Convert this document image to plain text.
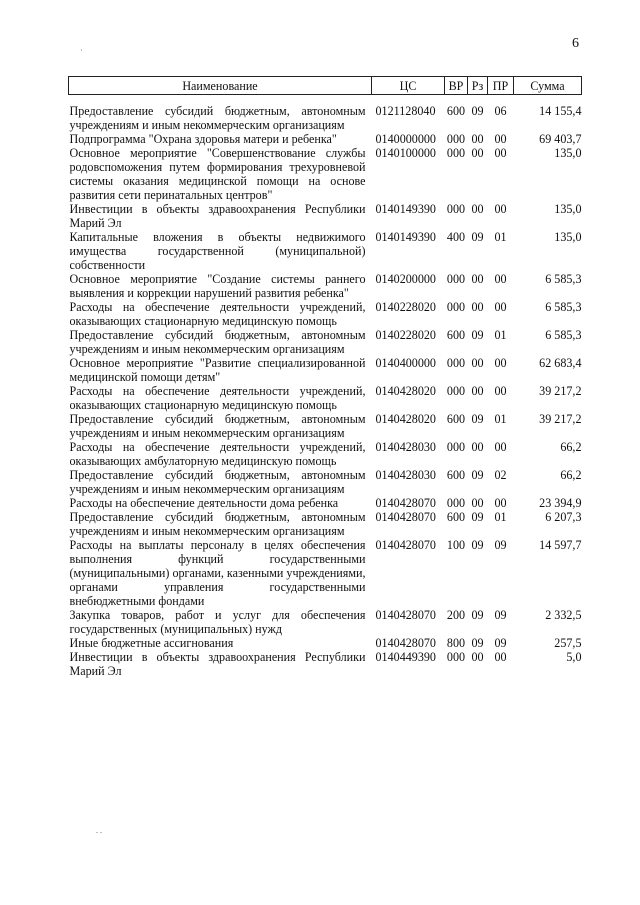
6
·
. .
Наименование	ЦС	ВР	Рз	ПР	Сумма
Предоставление субсидий бюджетным, автономным учреждениям и иным некоммерческим организациям	0121128040	600	09	06	14 155,4
Подпрограмма "Охрана здоровья матери и ребенка"	0140000000	000	00	00	69 403,7
Основное мероприятие "Совершенствование службы родовспоможения путем формирования трехуровневой системы оказания медицинской помощи на основе развития сети перинатальных центров"	0140100000	000	00	00	135,0
Инвестиции в объекты здравоохранения Республики Марий Эл	0140149390	000	00	00	135,0
Капитальные вложения в объекты недвижимого имущества государственной (муниципальной) собственности	0140149390	400	09	01	135,0
Основное мероприятие "Создание системы раннего выявления и коррекции нарушений развития ребенка"	0140200000	000	00	00	6 585,3
Расходы на обеспечение деятельности учреждений, оказывающих стационарную медицинскую помощь	0140228020	000	00	00	6 585,3
Предоставление субсидий бюджетным, автономным учреждениям и иным некоммерческим организациям	0140228020	600	09	01	6 585,3
Основное мероприятие "Развитие специализированной медицинской помощи детям"	0140400000	000	00	00	62 683,4
Расходы на обеспечение деятельности учреждений, оказывающих стационарную медицинскую помощь	0140428020	000	00	00	39 217,2
Предоставление субсидий бюджетным, автономным учреждениям и иным некоммерческим организациям	0140428020	600	09	01	39 217,2
Расходы на обеспечение деятельности учреждений, оказывающих амбулаторную медицинскую помощь	0140428030	000	00	00	66,2
Предоставление субсидий бюджетным, автономным учреждениям и иным некоммерческим организациям	0140428030	600	09	02	66,2
Расходы на обеспечение деятельности дома ребенка	0140428070	000	00	00	23 394,9
Предоставление субсидий бюджетным, автономным учреждениям и иным некоммерческим организациям	0140428070	600	09	01	6 207,3
Расходы на выплаты персоналу в целях обеспечения выполнения функций государственными (муниципальными) органами, казенными учреждениями, органами управления государственными внебюджетными фондами	0140428070	100	09	09	14 597,7
Закупка товаров, работ и услуг для обеспечения государственных (муниципальных) нужд	0140428070	200	09	09	2 332,5
Иные бюджетные ассигнования	0140428070	800	09	09	257,5
Инвестиции в объекты здравоохранения Республики Марий Эл	0140449390	000	00	00	5,0
